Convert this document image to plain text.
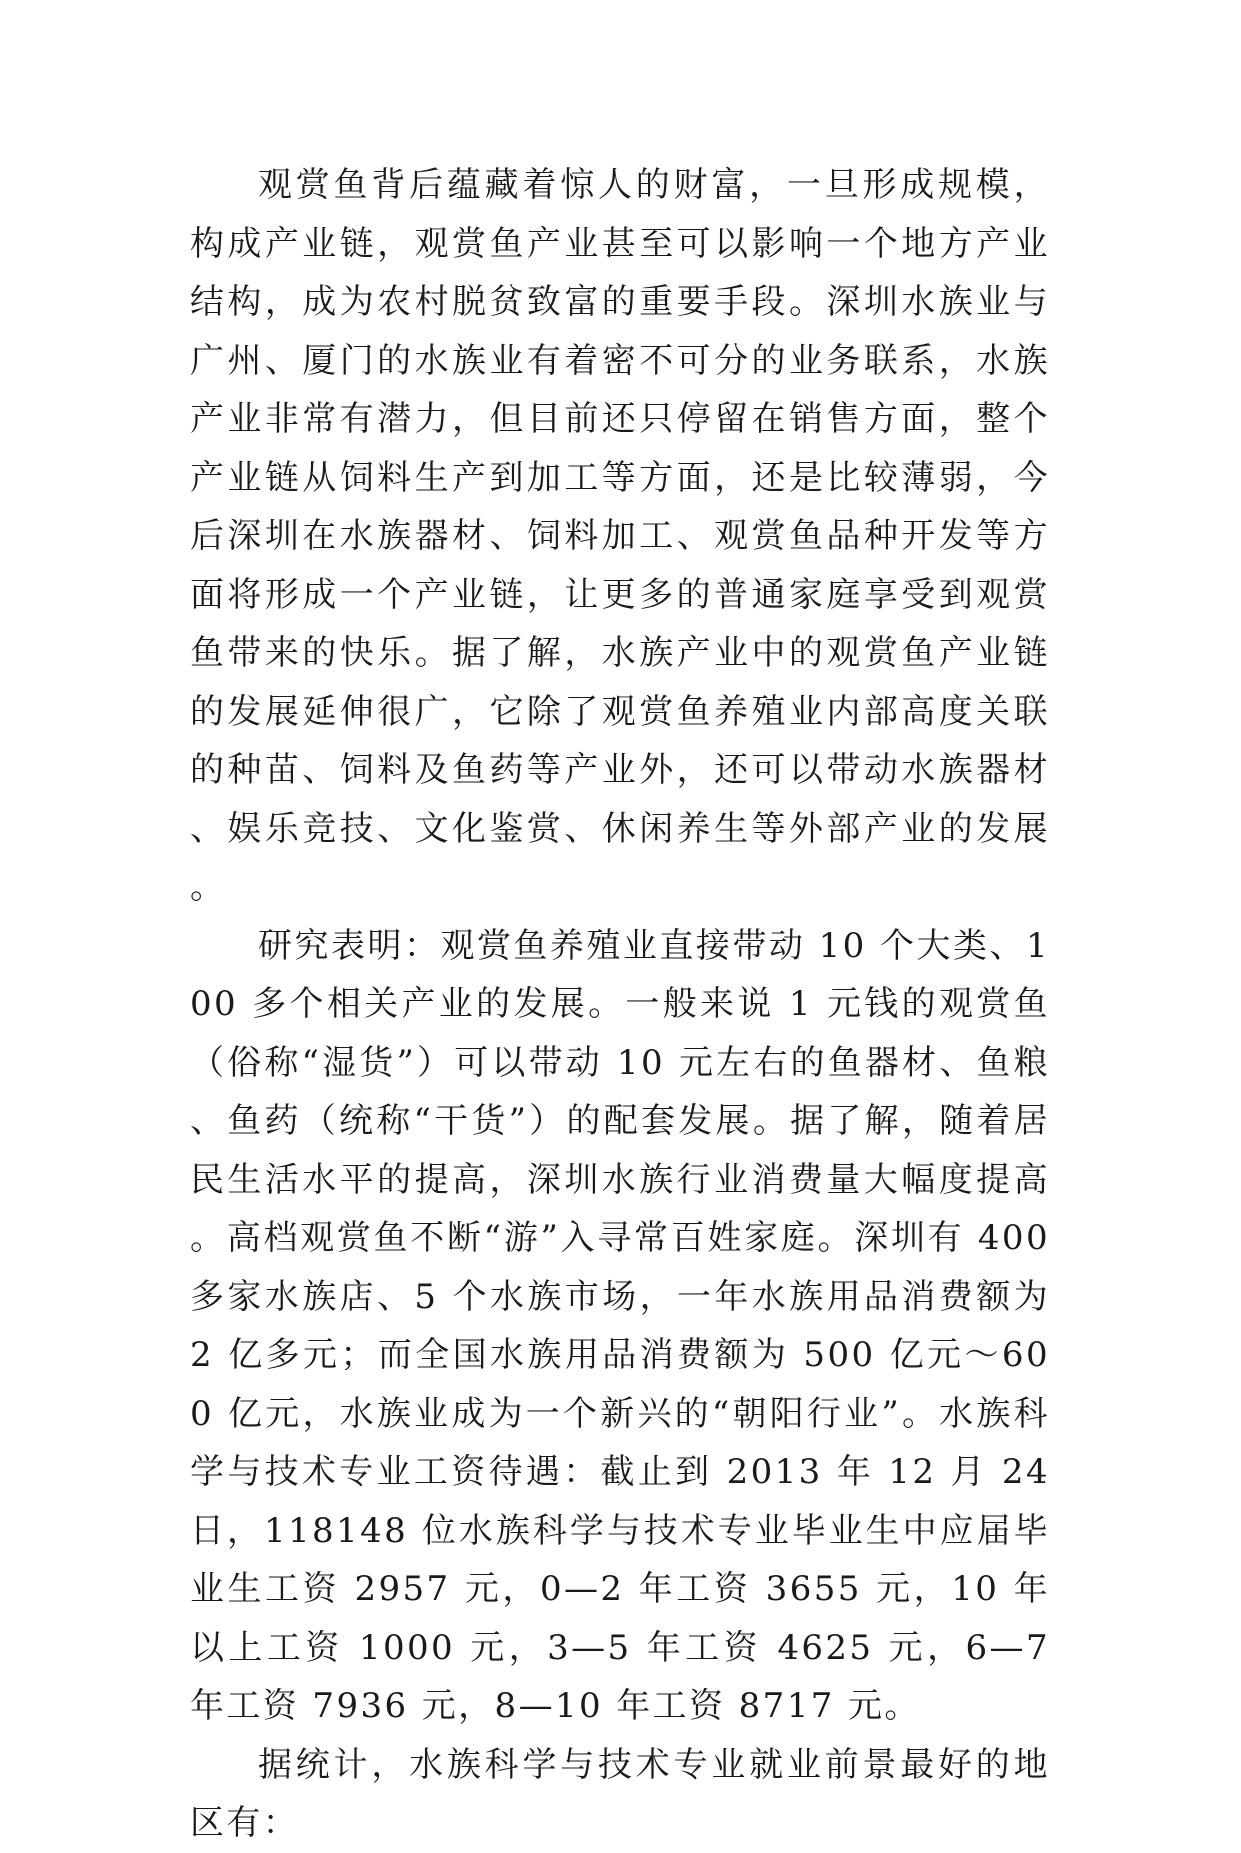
观赏鱼背后蕴藏着惊人的财富，一旦形成规模，构成产业链，观赏鱼产业甚至可以影响一个地方产业结构，成为农村脱贫致富的重要手段。深圳水族业与广州、厦门的水族业有着密不可分的业务联系，水族产业非常有潜力，但目前还只停留在销售方面，整个产业链从饲料生产到加工等方面，还是比较薄弱，今后深圳在水族器材、饲料加工、观赏鱼品种开发等方面将形成一个产业链，让更多的普通家庭享受到观赏鱼带来的快乐。据了解，水族产业中的观赏鱼产业链的发展延伸很广，它除了观赏鱼养殖业内部高度关联的种苗、饲料及鱼药等产业外，还可以带动水族器材、娱乐竞技、文化鉴赏、休闲养生等外部产业的发展。

研究表明：观赏鱼养殖业直接带动 10 个大类、100 多个相关产业的发展。一般来说 1 元钱的观赏鱼（俗称“湿货”）可以带动 10 元左右的鱼器材、鱼粮、鱼药（统称“干货”）的配套发展。据了解，随着居民生活水平的提高，深圳水族行业消费量大幅度提高。高档观赏鱼不断“游”入寻常百姓家庭。深圳有 400 多家水族店、5 个水族市场，一年水族用品消费额为 2 亿多元；而全国水族用品消费额为 500 亿元～600 亿元，水族业成为一个新兴的“朝阳行业”。水族科学与技术专业工资待遇：截止到 2013 年 12 月 24 日，118148 位水族科学与技术专业毕业生中应届毕业生工资 2957 元，0—2 年工资 3655 元，10 年以上工资 1000 元，3—5 年工资 4625 元，6—7 年工资 7936 元，8—10 年工资 8717 元。

据统计，水族科学与技术专业就业前景最好的地区有：
